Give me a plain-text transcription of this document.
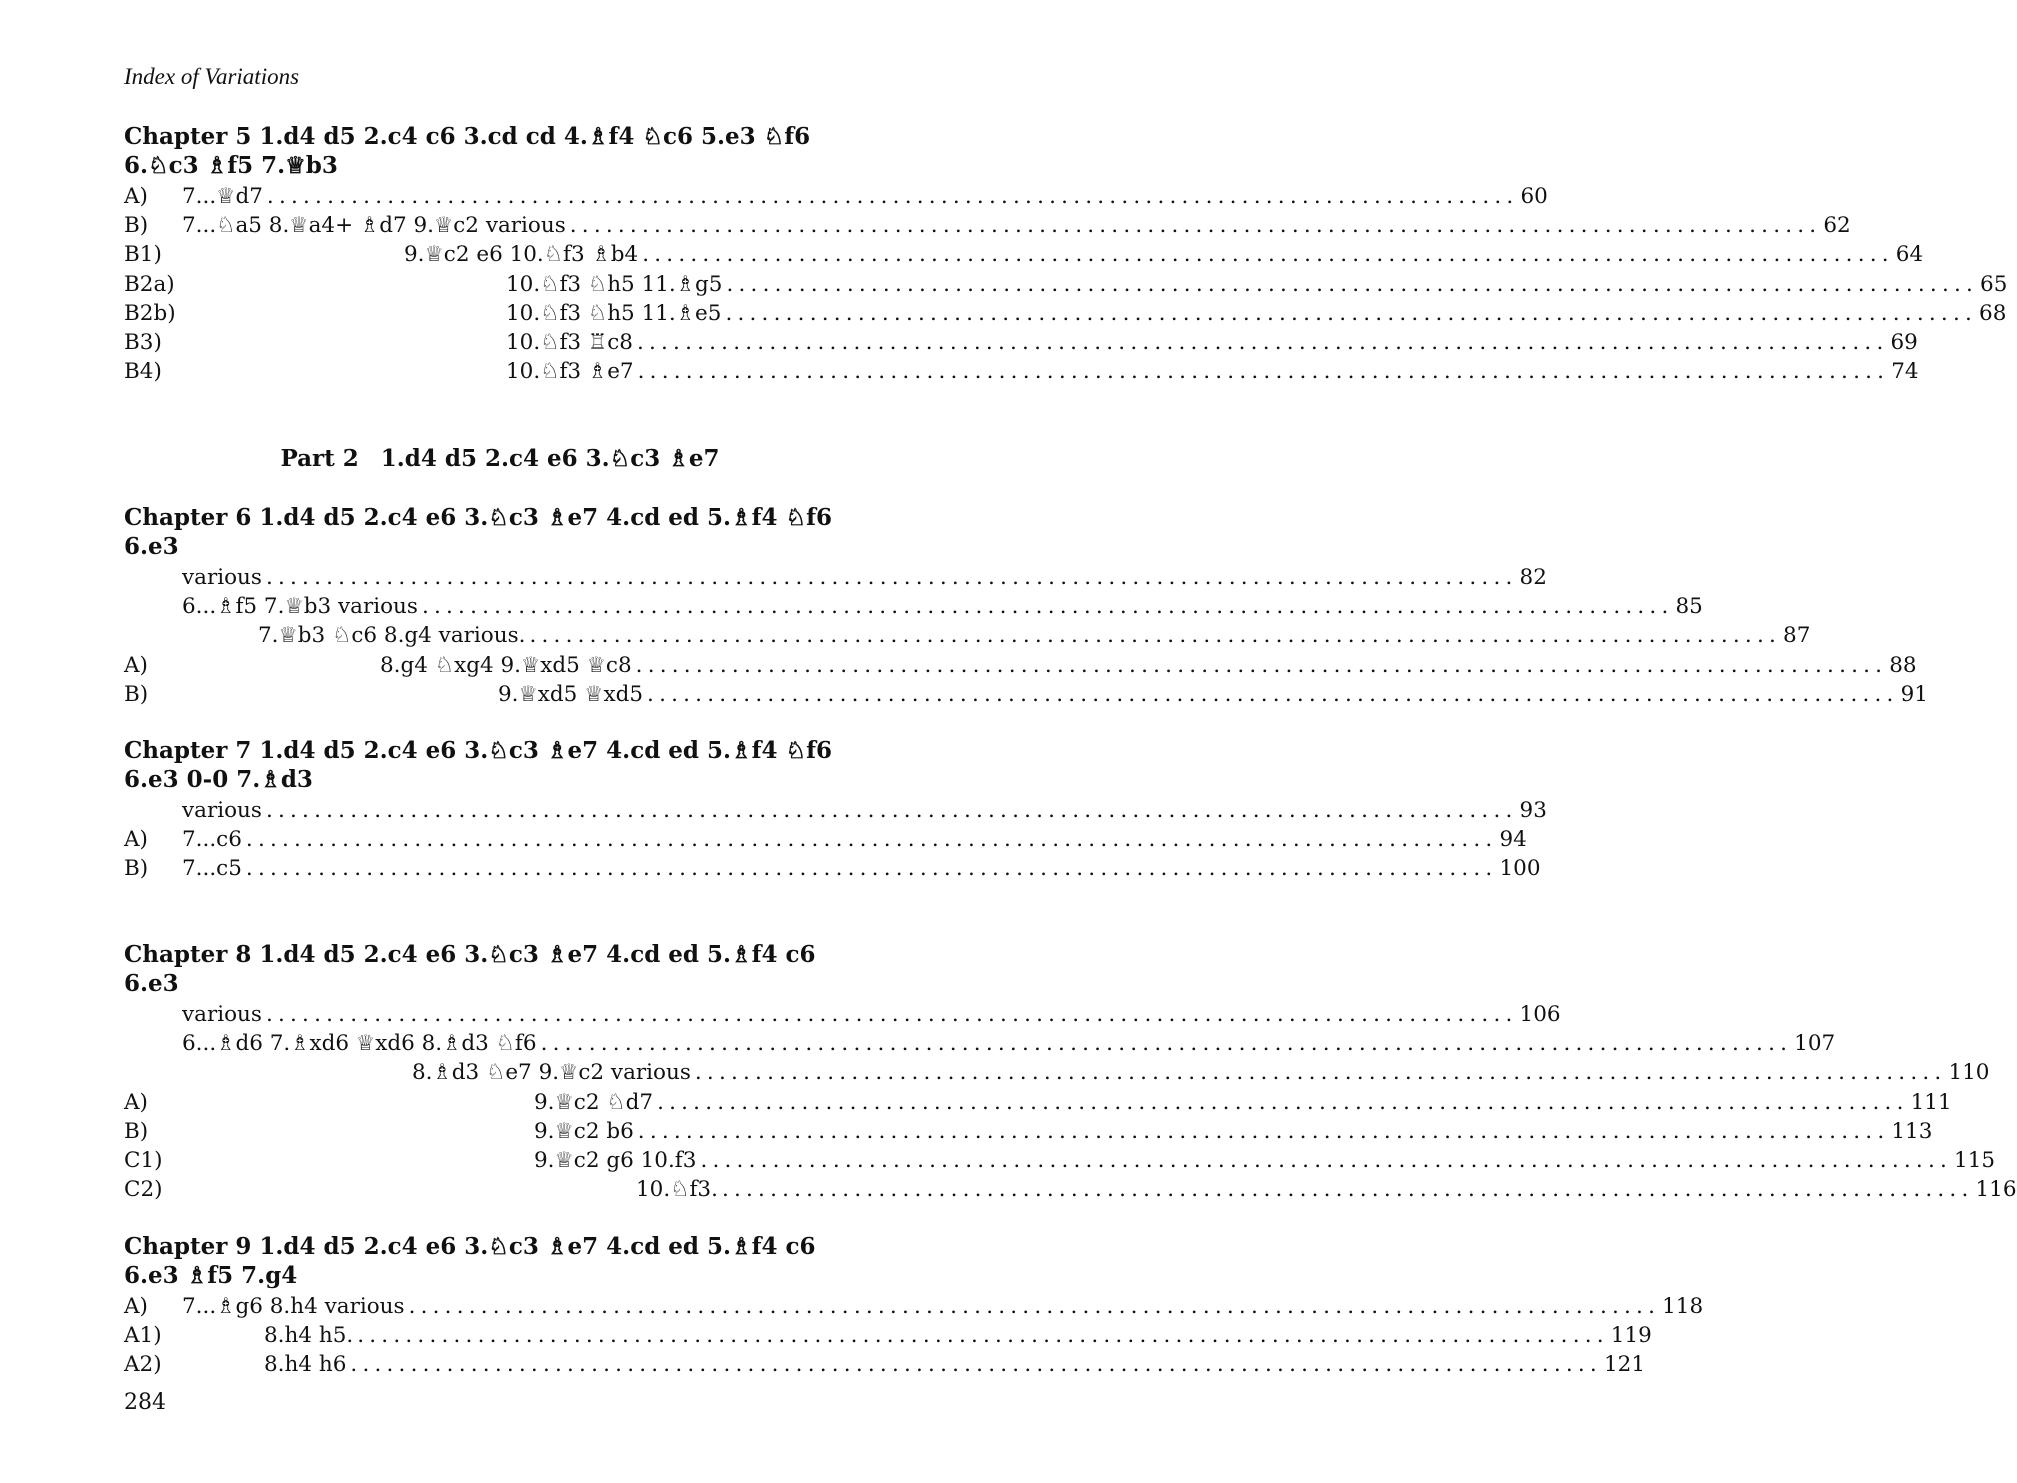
Index of Variations
Chapter 5 1.d4 d5 2.c4 c6 3.cd cd 4.♗f4 ♘c6 5.e3 ♘f6 6.♘c3 ♗f5 7.♕b3
A)	7...♕d7 ........................................................................................................ 60
B)	7...♘a5 8.♕a4+ ♗d7 9.♕c2 various ........................................................................................................ 62
B1)	9.♕c2 e6 10.♘f3 ♗b4 ........................................................................................................ 64
B2a)	10.♘f3 ♘h5 11.♗g5 ........................................................................................................ 65
B2b)	10.♘f3 ♘h5 11.♗e5 ........................................................................................................ 68
B3)	10.♘f3 ♖c8 ........................................................................................................ 69
B4)	10.♘f3 ♗e7 ........................................................................................................ 74
Part 2 1.d4 d5 2.c4 e6 3.♘c3 ♗e7
Chapter 6 1.d4 d5 2.c4 e6 3.♘c3 ♗e7 4.cd ed 5.♗f4 ♘f6 6.e3
various ........................................................................................................ 82
6...♗f5 7.♕b3 various ........................................................................................................ 85
7.♕b3 ♘c6 8.g4 various. ........................................................................................................ 87
A)	8.g4 ♘xg4 9.♕xd5 ♕c8 ........................................................................................................ 88
B)	9.♕xd5 ♕xd5 ........................................................................................................ 91
Chapter 7 1.d4 d5 2.c4 e6 3.♘c3 ♗e7 4.cd ed 5.♗f4 ♘f6 6.e3 0-0 7.♗d3
various ........................................................................................................ 93
A)	7...c6 ........................................................................................................ 94
B)	7...c5 ........................................................................................................ 100
Chapter 8 1.d4 d5 2.c4 e6 3.♘c3 ♗e7 4.cd ed 5.♗f4 c6 6.e3
various ........................................................................................................ 106
6...♗d6 7.♗xd6 ♕xd6 8.♗d3 ♘f6 ........................................................................................................ 107
8.♗d3 ♘e7 9.♕c2 various ........................................................................................................ 110
A)	9.♕c2 ♘d7 ........................................................................................................ 111
B)	9.♕c2 b6 ........................................................................................................ 113
C1)	9.♕c2 g6 10.f3 ........................................................................................................ 115
C2)	10.♘f3. ........................................................................................................ 116
Chapter 9 1.d4 d5 2.c4 e6 3.♘c3 ♗e7 4.cd ed 5.♗f4 c6 6.e3 ♗f5 7.g4
A)	7...♗g6 8.h4 various ........................................................................................................ 118
A1)	8.h4 h5. ........................................................................................................ 119
A2)	8.h4 h6 ........................................................................................................ 121
284
